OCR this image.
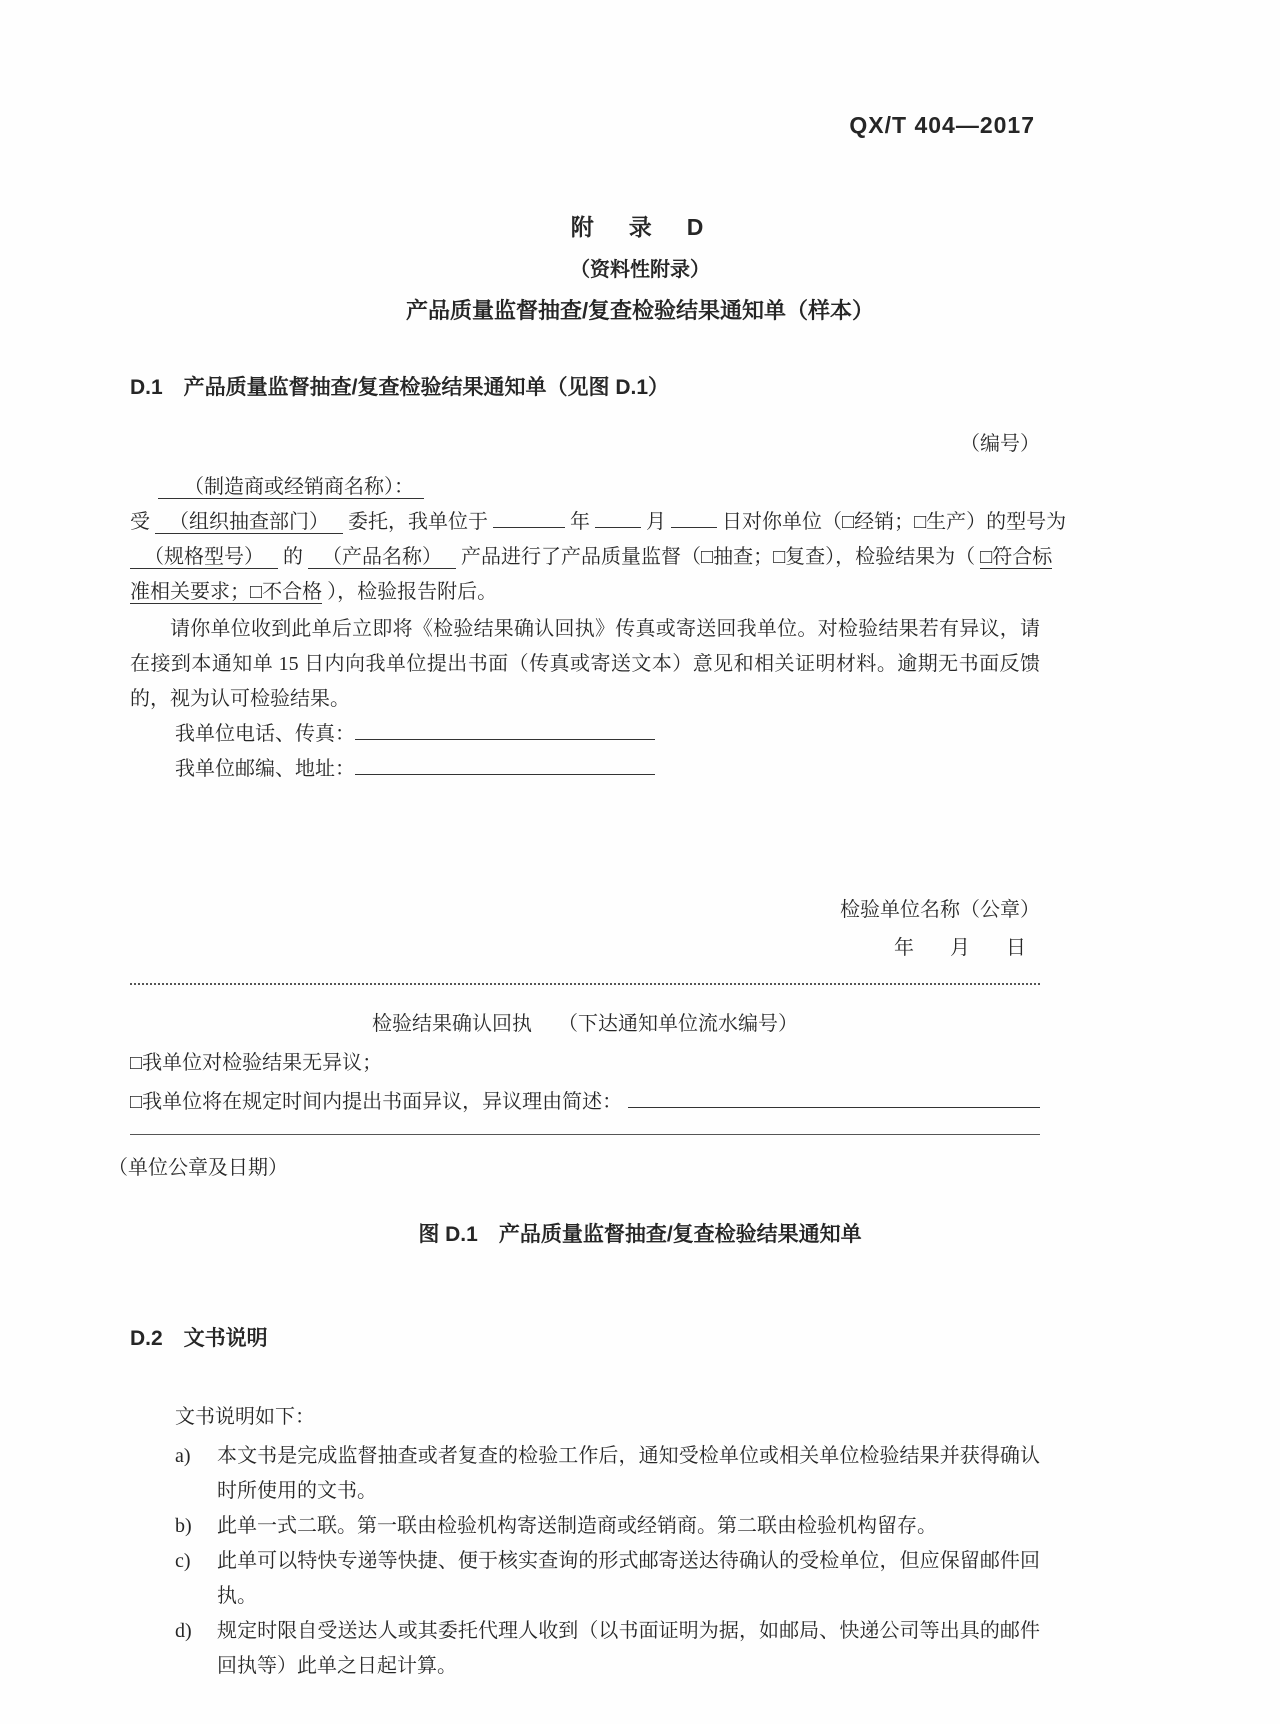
QX/T 404—2017
附　录　D
（资料性附录）
产品质量监督抽查/复查检验结果通知单（样本）
D.1　产品质量监督抽查/复查检验结果通知单（见图 D.1）
（编号）
（制造商或经销商名称）：
受 （组织抽查部门） 委托，我单位于	年	月	日对你单位（□经销；□生产）的型号为
（规格型号） 的 （产品名称） 产品进行了产品质量监督（□抽查；□复查），检验结果为（ □符合标
准相关要求；□不合格 ），检验报告附后。
请你单位收到此单后立即将《检验结果确认回执》传真或寄送回我单位。对检验结果若有异议，请在接到本通知单 15 日内向我单位提出书面（传真或寄送文本）意见和相关证明材料。逾期无书面反馈的，视为认可检验结果。
我单位电话、传真：
我单位邮编、地址：
检验单位名称（公章）
年　月　日
检验结果确认回执 （下达通知单位流水编号）
□我单位对检验结果无异议；
□我单位将在规定时间内提出书面异议，异议理由简述：
（单位公章及日期）
图 D.1　产品质量监督抽查/复查检验结果通知单
D.2　文书说明
文书说明如下：
a)	本文书是完成监督抽查或者复查的检验工作后，通知受检单位或相关单位检验结果并获得确认时所使用的文书。
b)	此单一式二联。第一联由检验机构寄送制造商或经销商。第二联由检验机构留存。
c)	此单可以特快专递等快捷、便于核实查询的形式邮寄送达待确认的受检单位，但应保留邮件回执。
d)	规定时限自受送达人或其委托代理人收到（以书面证明为据，如邮局、快递公司等出具的邮件回执等）此单之日起计算。
